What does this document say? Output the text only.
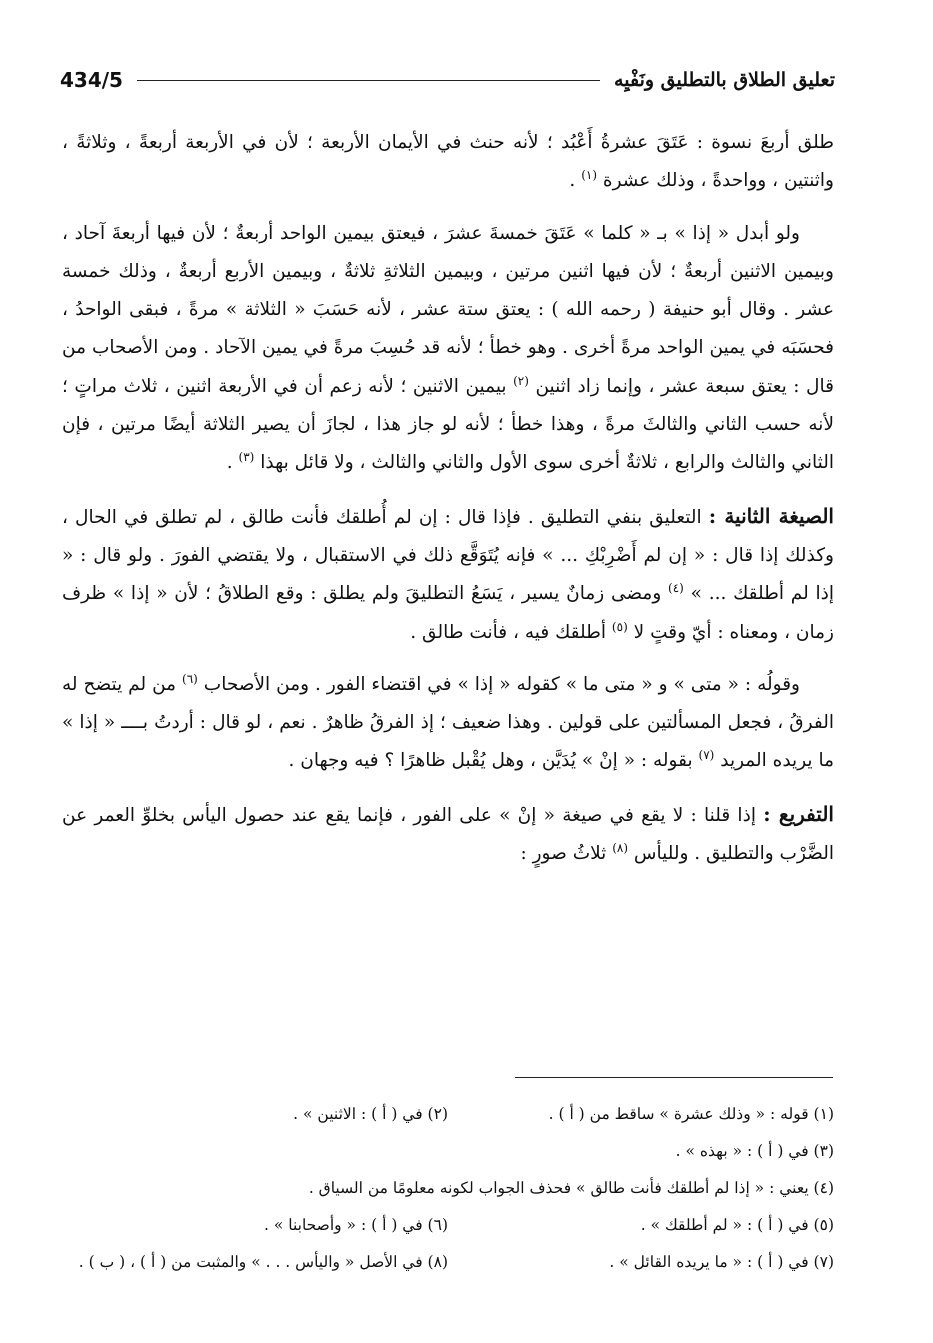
تعليق الطلاق بالتطليق ونَفْيِه
434/5

طلق أربعَ نسوة : عَتَقَ عشرةُ أَعْبُد ؛ لأنه حنث في الأيمان الأربعة ؛ لأن في الأربعة أربعةً ، وثلاثةً ، واثنتين ، وواحدةً ، وذلك عشرة $^{(١)}$ .

ولو أبدل « إذا » بـ « كلما » عَتَقَ خمسةَ عشرَ ، فيعتق بيمين الواحد أربعةٌ ؛ لأن فيها أربعةَ آحاد ، وبيمين الاثنين أربعةٌ ؛ لأن فيها اثنين مرتين ، وبيمين الثلاثةِ ثلاثةٌ ، وبيمين الأربع أربعةٌ ، وذلك خمسة عشر . وقال أبو حنيفة ( رحمه الله ) : يعتق ستة عشر ، لأنه حَسَبَ « الثلاثة » مرةً ، فبقى الواحدُ ، فحسَبَه في يمين الواحد مرةً أخرى . وهو خطأ ؛ لأنه قد حُسِبَ مرةً في يمين الآحاد . ومن الأصحاب من قال : يعتق سبعة عشر ، وإنما زاد اثنين $^{(٢)}$ بيمين الاثنين ؛ لأنه زعم أن في الأربعة اثنين ، ثلاث مراتٍ ؛ لأنه حسب الثاني والثالثَ مرةً ، وهذا خطأ ؛ لأنه لو جاز هذا ، لجازَ أن يصير الثلاثة أيضًا مرتين ، فإن الثاني والثالث والرابع ، ثلاثةٌ أخرى سوى الأول والثاني والثالث ، ولا قائل بهذا $^{(٣)}$ .

الصيغة الثانية : التعليق بنفي التطليق . فإذا قال : إن لم أُطلقك فأنت طالق ، لم تطلق في الحال ، وكذلك إذا قال : « إن لم أَضْرِبْكِ ... » فإنه يُتَوَقَّع ذلك في الاستقبال ، ولا يقتضي الفورَ . ولو قال : « إذا لم أطلقك ... » $^{(٤)}$ ومضى زمانٌ يسير ، يَسَعُ التطليقَ ولم يطلق : وقع الطلاقُ ؛ لأن « إذا » ظرف زمان ، ومعناه : أيّ وقتٍ لا $^{(٥)}$ أطلقك فيه ، فأنت طالق .

وقولُه : « متى » و « متى ما » كقوله « إذا » في اقتضاء الفور . ومن الأصحاب $^{(٦)}$ من لم يتضح له الفرقُ ، فجعل المسألتين على قولين . وهذا ضعيف ؛ إذ الفرقُ ظاهرٌ . نعم ، لو قال : أردتُ بــــ « إذا » ما يريده المريد $^{(٧)}$ بقوله : « إنْ » يُدَيَّن ، وهل يُقْبل ظاهرًا ؟ فيه وجهان .

التفريع : إذا قلنا : لا يقع في صيغة « إنْ » على الفور ، فإنما يقع عند حصول اليأس بخلوِّ العمر عن الضَّرْب والتطليق . ولليأس $^{(٨)}$ ثلاثُ صورٍ :

(١) قوله : « وذلك عشرة » ساقط من ( أ ) .
(٢) في ( أ ) : الاثنين » .
(٣) في ( أ ) : « بهذه » .
(٤) يعني : « إذا لم أطلقك فأنت طالق » فحذف الجواب لكونه معلومًا من السياق .
(٥) في ( أ ) : « لم أطلقك » .
(٦) في ( أ ) : « وأصحابنا » .
(٧) في ( أ ) : « ما يريده القائل » .
(٨) في الأصل « واليأس . . . » والمثبت من ( أ ) ، ( ب ) .
